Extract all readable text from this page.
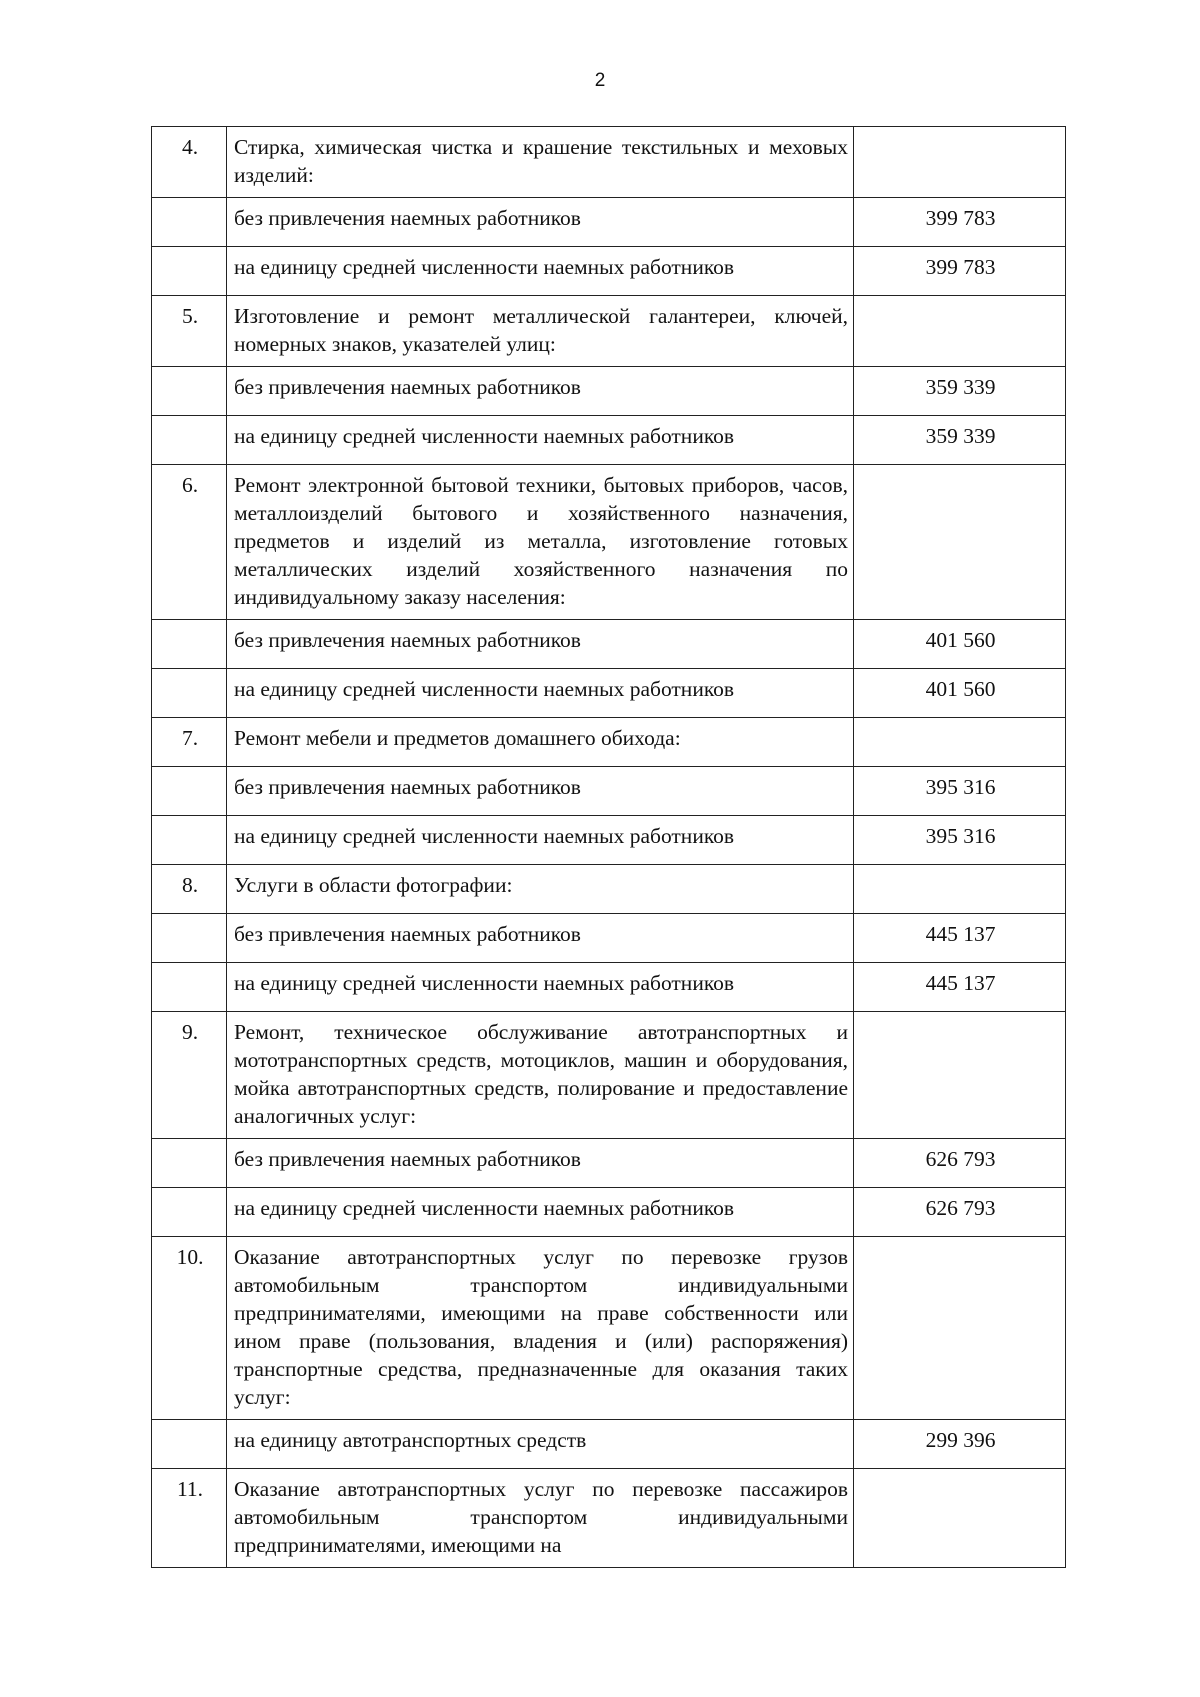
2
4.	Стирка, химическая чистка и крашение текстильных и меховых изделий:	
	без привлечения наемных работников	399 783
	на единицу средней численности наемных работников	399 783
5.	Изготовление и ремонт металлической галантереи, ключей, номерных знаков, указателей улиц:	
	без привлечения наемных работников	359 339
	на единицу средней численности наемных работников	359 339
6.	Ремонт электронной бытовой техники, бытовых приборов, часов, металлоизделий бытового и хозяйственного назначения, предметов и изделий из металла, изготовление готовых металлических изделий хозяйственного назначения по индивидуальному заказу населения:	
	без привлечения наемных работников	401 560
	на единицу средней численности наемных работников	401 560
7.	Ремонт мебели и предметов домашнего обихода:	
	без привлечения наемных работников	395 316
	на единицу средней численности наемных работников	395 316
8.	Услуги в области фотографии:	
	без привлечения наемных работников	445 137
	на единицу средней численности наемных работников	445 137
9.	Ремонт, техническое обслуживание автотранспортных и мототранспортных средств, мотоциклов, машин и оборудования, мойка автотранспортных средств, полирование и предоставление аналогичных услуг:	
	без привлечения наемных работников	626 793
	на единицу средней численности наемных работников	626 793
10.	Оказание автотранспортных услуг по перевозке грузов автомобильным транспортом индивидуальными предпринимателями, имеющими на праве собственности или ином праве (пользования, владения и (или) распоряжения) транспортные средства, предназначенные для оказания таких услуг:	
	на единицу автотранспортных средств	299 396
11.	Оказание автотранспортных услуг по перевозке пассажиров автомобильным транспортом индивидуальными предпринимателями, имеющими на	
